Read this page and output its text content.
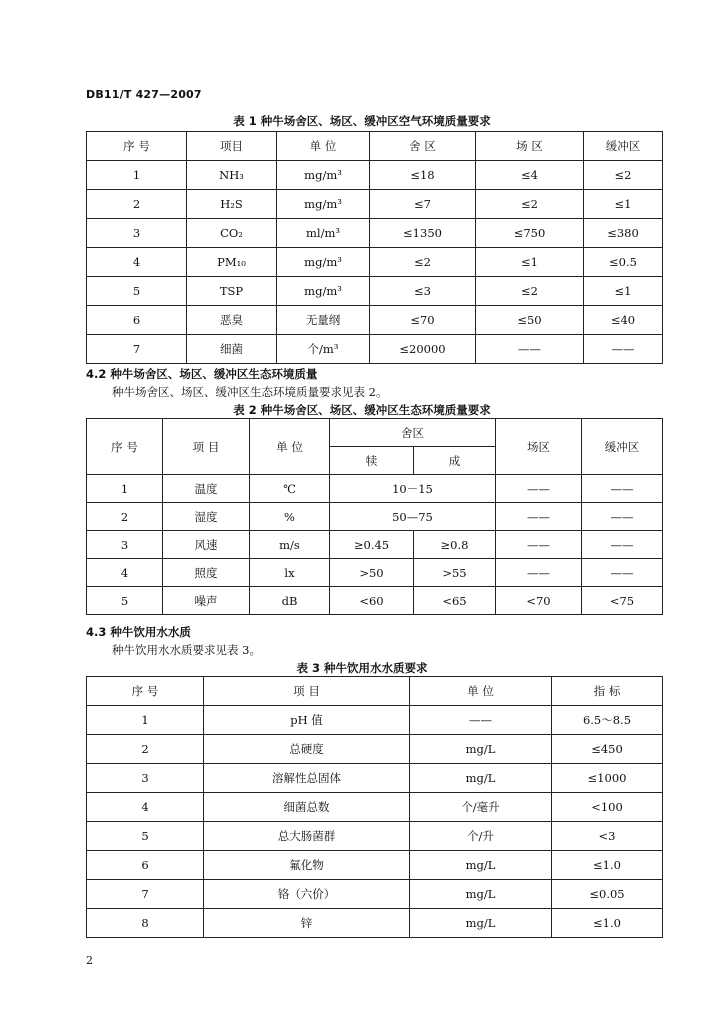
DB11/T 427—2007
表 1 种牛场舍区、场区、缓冲区空气环境质量要求
序 号	项目	单 位	舍 区	场 区	缓冲区
1	NH₃	mg/m³	≤18	≤4	≤2
2	H₂S	mg/m³	≤7	≤2	≤1
3	CO₂	ml/m³	≤1350	≤750	≤380
4	PM₁₀	mg/m³	≤2	≤1	≤0.5
5	TSP	mg/m³	≤3	≤2	≤1
6	恶臭	无量纲	≤70	≤50	≤40
7	细菌	个/m³	≤20000	——	——
4.2 种牛场舍区、场区、缓冲区生态环境质量
种牛场舍区、场区、缓冲区生态环境质量要求见表 2。
表 2 种牛场舍区、场区、缓冲区生态环境质量要求
序 号	项 目	单 位	舍区		场区	缓冲区
			犊	成		
1	温度	℃	10－15		——	——
2	湿度	%	50—75		——	——
3	风速	m/s	≥0.45	≥0.8	——	——
4	照度	lx	>50	>55	——	——
5	噪声	dB	<60	<65	<70	<75
4.3 种牛饮用水水质
种牛饮用水水质要求见表 3。
表 3 种牛饮用水水质要求
序 号	项 目	单 位	指 标
1	pH 值	——	6.5～8.5
2	总硬度	mg/L	≤450
3	溶解性总固体	mg/L	≤1000
4	细菌总数	个/毫升	<100
5	总大肠菌群	个/升	<3
6	氟化物	mg/L	≤1.0
7	铬（六价）	mg/L	≤0.05
8	锌	mg/L	≤1.0
2
